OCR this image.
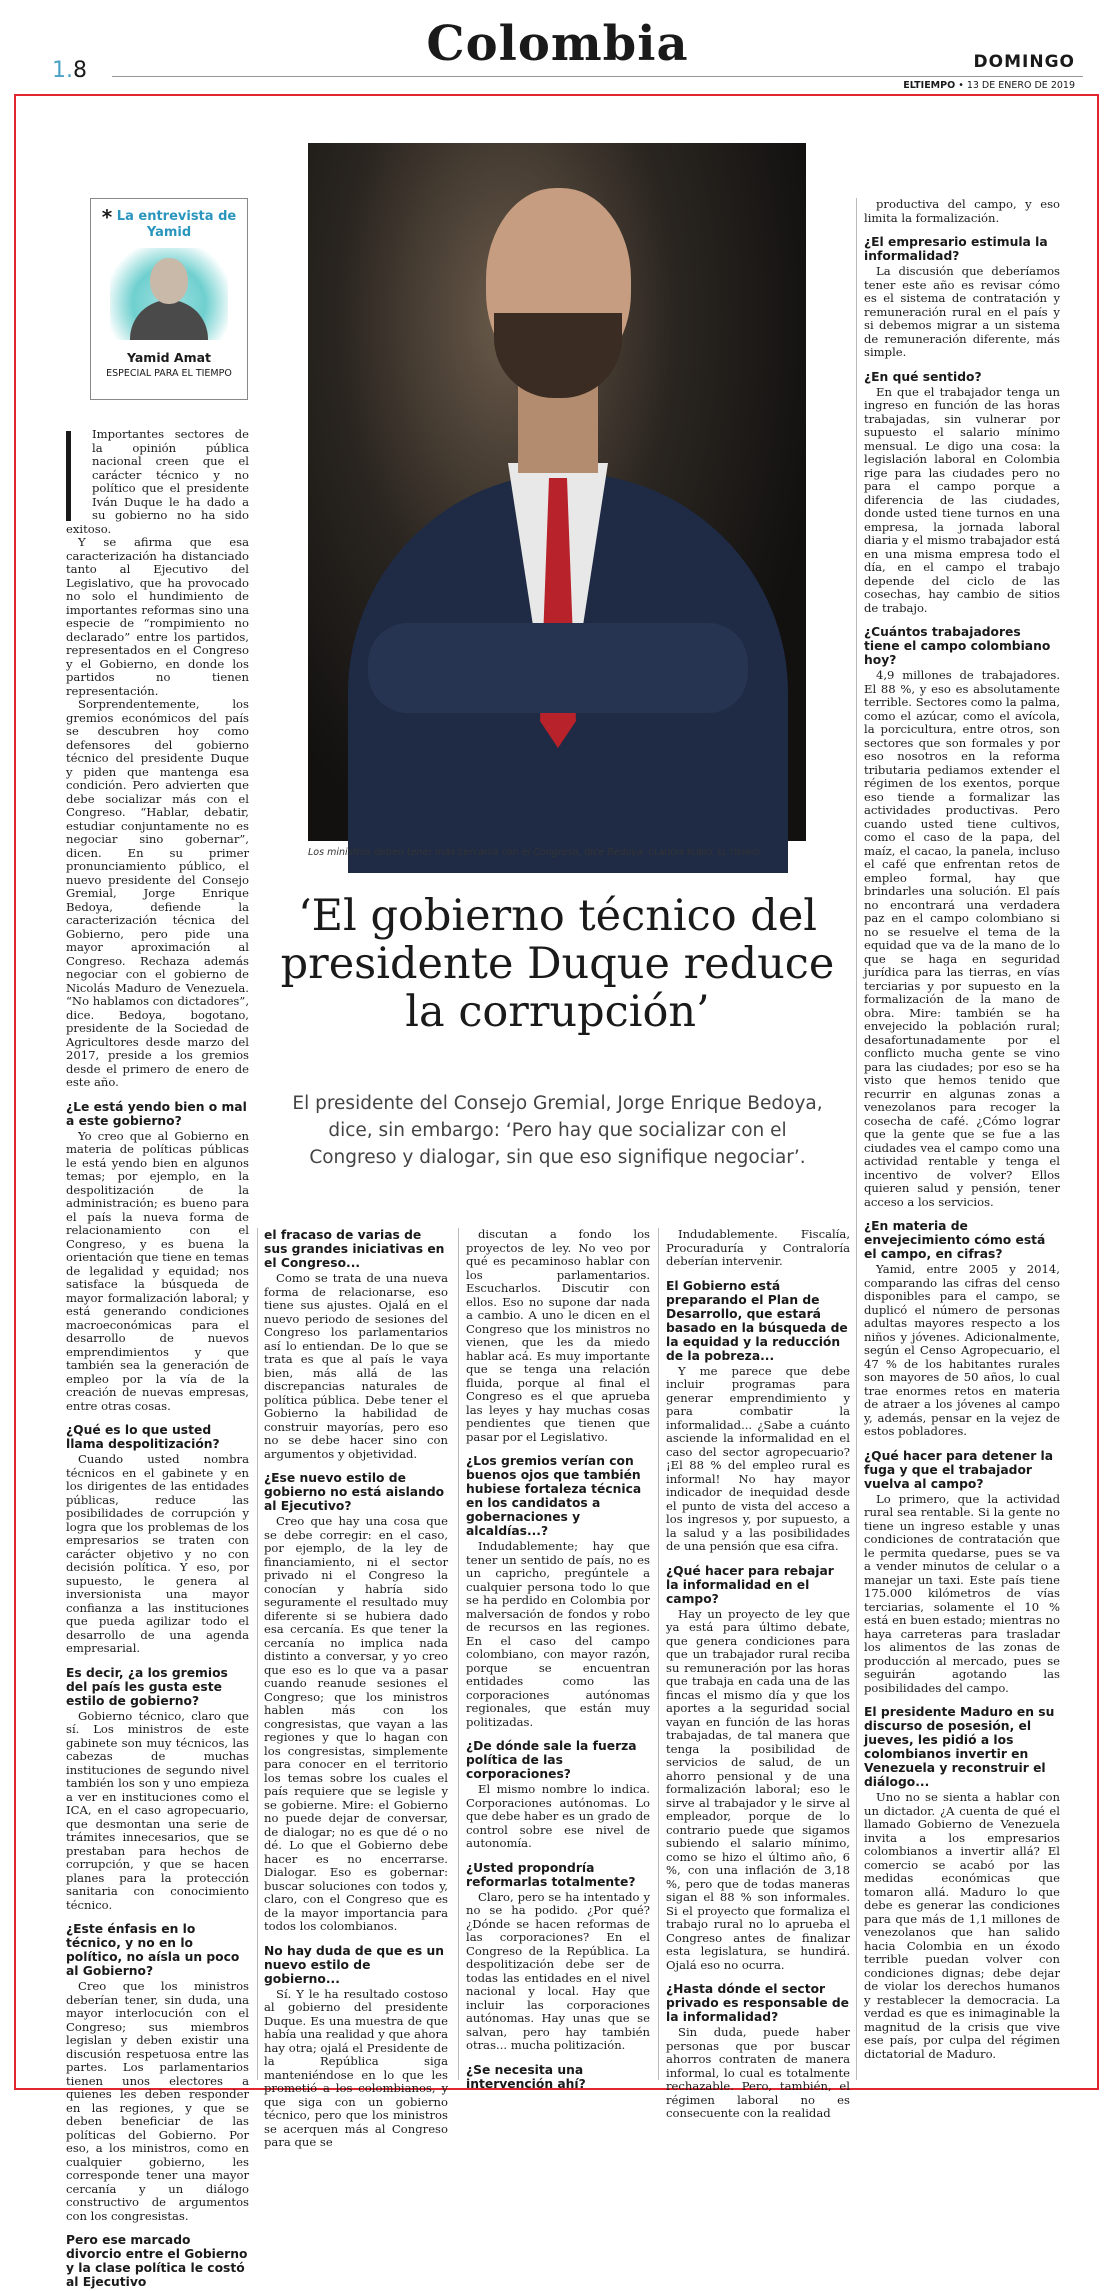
1.8	Colombia	DOMINGO
ELTIEMPO • 13 DE ENERO DE 2019
* La entrevista de Yamid
Yamid Amat
ESPECIAL PARA EL TIEMPO
Los ministros deben tener más cercanía con el Congreso, dice Bedoya. CLAUDIA RUBIO. EL TIEMPO
‘El gobierno técnico del presidente Duque reduce la corrupción’
El presidente del Consejo Gremial, Jorge Enrique Bedoya, dice, sin embargo: ‘Pero hay que socializar con el Congreso y dialogar, sin que eso signifique negociar’.

Importantes sectores de la opinión pública nacional creen que el carácter técnico y no político que el presidente Iván Duque le ha dado a su gobierno no ha sido exitoso.

Y se afirma que esa caracterización ha distanciado tanto al Ejecutivo del Legislativo, que ha provocado no solo el hundimiento de importantes reformas sino una especie de “rompimiento no declarado” entre los partidos, representados en el Congreso y el Gobierno, en donde los partidos no tienen representación.

Sorprendentemente, los gremios económicos del país se descubren hoy como defensores del gobierno técnico del presidente Duque y piden que mantenga esa condición. Pero advierten que debe socializar más con el Congreso. “Hablar, debatir, estudiar conjuntamente no es negociar sino gobernar”, dicen. En su primer pronunciamiento público, el nuevo presidente del Consejo Gremial, Jorge Enrique Bedoya, defiende la caracterización técnica del Gobierno, pero pide una mayor aproximación al Congreso. Rechaza además negociar con el gobierno de Nicolás Maduro de Venezuela. “No hablamos con dictadores”, dice. Bedoya, bogotano, presidente de la Sociedad de Agricultores desde marzo del 2017, preside a los gremios desde el primero de enero de este año.

¿Le está yendo bien o mal a este gobierno?

Yo creo que al Gobierno en materia de políticas públicas le está yendo bien en algunos temas; por ejemplo, en la despolitización de la administración; es bueno para el país la nueva forma de relacionamiento con el Congreso, y es buena la orientación que tiene en temas de legalidad y equidad; nos satisface la búsqueda de mayor formalización laboral; y está generando condiciones macroeconómicas para el desarrollo de nuevos emprendimientos y que también sea la generación de empleo por la vía de la creación de nuevas empresas, entre otras cosas.

¿Qué es lo que usted llama despolitización?

Cuando usted nombra técnicos en el gabinete y en los dirigentes de las entidades públicas, reduce las posibilidades de corrupción y logra que los problemas de los empresarios se traten con carácter objetivo y no con decisión política. Y eso, por supuesto, le genera al inversionista una mayor confianza a las instituciones que pueda agilizar todo el desarrollo de una agenda empresarial.

Es decir, ¿a los gremios del país les gusta este estilo de gobierno?

Gobierno técnico, claro que sí. Los ministros de este gabinete son muy técnicos, las cabezas de muchas instituciones de segundo nivel también los son y uno empieza a ver en instituciones como el ICA, en el caso agropecuario, que desmontan una serie de trámites innecesarios, que se prestaban para hechos de corrupción, y que se hacen planes para la protección sanitaria con conocimiento técnico.

¿Este énfasis en lo técnico, y no en lo político, no aísla un poco al Gobierno?

Creo que los ministros deberían tener, sin duda, una mayor interlocución con el Congreso; sus miembros legislan y deben existir una discusión respetuosa entre las partes. Los parlamentarios tienen unos electores a quienes les deben responder en las regiones, y que se deben beneficiar de las políticas del Gobierno. Por eso, a los ministros, como en cualquier gobierno, les corresponde tener una mayor cercanía y un diálogo constructivo de argumentos con los congresistas.

Pero ese marcado divorcio entre el Gobierno y la clase política le costó al Ejecutivo
el fracaso de varias de sus grandes iniciativas en el Congreso...

Como se trata de una nueva forma de relacionarse, eso tiene sus ajustes. Ojalá en el nuevo periodo de sesiones del Congreso los parlamentarios así lo entiendan. De lo que se trata es que al país le vaya bien, más allá de las discrepancias naturales de política pública. Debe tener el Gobierno la habilidad de construir mayorías, pero eso no se debe hacer sino con argumentos y objetividad.

¿Ese nuevo estilo de gobierno no está aislando al Ejecutivo?

Creo que hay una cosa que se debe corregir: en el caso, por ejemplo, de la ley de financiamiento, ni el sector privado ni el Congreso la conocían y habría sido seguramente el resultado muy diferente si se hubiera dado esa cercanía. Es que tener la cercanía no implica nada distinto a conversar, y yo creo que eso es lo que va a pasar cuando reanude sesiones el Congreso; que los ministros hablen más con los congresistas, que vayan a las regiones y que lo hagan con los congresistas, simplemente para conocer en el territorio los temas sobre los cuales el país requiere que se legisle y se gobierne. Mire: el Gobierno no puede dejar de conversar, de dialogar; no es que dé o no dé. Lo que el Gobierno debe hacer es no encerrarse. Dialogar. Eso es gobernar: buscar soluciones con todos y, claro, con el Congreso que es de la mayor importancia para todos los colombianos.

No hay duda de que es un nuevo estilo de gobierno...

Sí. Y le ha resultado costoso al gobierno del presidente Duque. Es una muestra de que había una realidad y que ahora hay otra; ojalá el Presidente de la República siga manteniéndose en lo que les prometió a los colombianos, y que siga con un gobierno técnico, pero que los ministros se acerquen más al Congreso para que se

discutan a fondo los proyectos de ley. No veo por qué es pecaminoso hablar con los parlamentarios. Escucharlos. Discutir con ellos. Eso no supone dar nada a cambio. A uno le dicen en el Congreso que los ministros no vienen, que les da miedo hablar acá. Es muy importante que se tenga una relación fluida, porque al final el Congreso es el que aprueba las leyes y hay muchas cosas pendientes que tienen que pasar por el Legislativo.

¿Los gremios verían con buenos ojos que también hubiese fortaleza técnica en los candidatos a gobernaciones y alcaldías...?

Indudablemente; hay que tener un sentido de país, no es un capricho, pregúntele a cualquier persona todo lo que se ha perdido en Colombia por malversación de fondos y robo de recursos en las regiones. En el caso del campo colombiano, con mayor razón, porque se encuentran entidades como las corporaciones autónomas regionales, que están muy politizadas.

¿De dónde sale la fuerza política de las corporaciones?

El mismo nombre lo indica. Corporaciones autónomas. Lo que debe haber es un grado de control sobre ese nivel de autonomía.

¿Usted propondría reformarlas totalmente?

Claro, pero se ha intentado y no se ha podido. ¿Por qué? ¿Dónde se hacen reformas de las corporaciones? En el Congreso de la República. La despolitización debe ser de todas las entidades en el nivel nacional y local. Hay que incluir las corporaciones autónomas. Hay unas que se salvan, pero hay también otras... mucha politización.

¿Se necesita una intervención ahí?

Indudablemente. Fiscalía, Procuraduría y Contraloría deberían intervenir.

El Gobierno está preparando el Plan de Desarrollo, que estará basado en la búsqueda de la equidad y la reducción de la pobreza...

Y me parece que debe incluir programas para generar emprendimiento y para combatir la informalidad... ¿Sabe a cuánto asciende la informalidad en el caso del sector agropecuario? ¡El 88 % del empleo rural es informal! No hay mayor indicador de inequidad desde el punto de vista del acceso a los ingresos y, por supuesto, a la salud y a las posibilidades de una pensión que esa cifra.

¿Qué hacer para rebajar la informalidad en el campo?

Hay un proyecto de ley que ya está para último debate, que genera condiciones para que un trabajador rural reciba su remuneración por las horas que trabaja en cada una de las fincas el mismo día y que los aportes a la seguridad social vayan en función de las horas trabajadas, de tal manera que tenga la posibilidad de servicios de salud, de un ahorro pensional y de una formalización laboral; eso le sirve al trabajador y le sirve al empleador, porque de lo contrario puede que sigamos subiendo el salario mínimo, como se hizo el último año, 6 %, con una inflación de 3,18 %, pero que de todas maneras sigan el 88 % son informales. Si el proyecto que formaliza el trabajo rural no lo aprueba el Congreso antes de finalizar esta legislatura, se hundirá. Ojalá eso no ocurra.

¿Hasta dónde el sector privado es responsable de la informalidad?

Sin duda, puede haber personas que por buscar ahorros contraten de manera informal, lo cual es totalmente rechazable. Pero, también, el régimen laboral no es consecuente con la realidad

productiva del campo, y eso limita la formalización.

¿El empresario estimula la informalidad?

La discusión que deberíamos tener este año es revisar cómo es el sistema de contratación y remuneración rural en el país y si debemos migrar a un sistema de remuneración diferente, más simple.

¿En qué sentido?

En que el trabajador tenga un ingreso en función de las horas trabajadas, sin vulnerar por supuesto el salario mínimo mensual. Le digo una cosa: la legislación laboral en Colombia rige para las ciudades pero no para el campo porque a diferencia de las ciudades, donde usted tiene turnos en una empresa, la jornada laboral diaria y el mismo trabajador está en una misma empresa todo el día, en el campo el trabajo depende del ciclo de las cosechas, hay cambio de sitios de trabajo.

¿Cuántos trabajadores tiene el campo colombiano hoy?

4,9 millones de trabajadores. El 88 %, y eso es absolutamente terrible. Sectores como la palma, como el azúcar, como el avícola, la porcicultura, entre otros, son sectores que son formales y por eso nosotros en la reforma tributaria pediamos extender el régimen de los exentos, porque eso tiende a formalizar las actividades productivas. Pero cuando usted tiene cultivos, como el caso de la papa, del maíz, el cacao, la panela, incluso el café que enfrentan retos de empleo formal, hay que brindarles una solución. El país no encontrará una verdadera paz en el campo colombiano si no se resuelve el tema de la equidad que va de la mano de lo que se haga en seguridad jurídica para las tierras, en vías terciarias y por supuesto en la formalización de la mano de obra. Mire: también se ha envejecido la población rural; desafortunadamente por el conflicto mucha gente se vino para las ciudades; por eso se ha visto que hemos tenido que recurrir en algunas zonas a venezolanos para recoger la cosecha de café. ¿Cómo lograr que la gente que se fue a las ciudades vea el campo como una actividad rentable y tenga el incentivo de volver? Ellos quieren salud y pensión, tener acceso a los servicios.

¿En materia de envejecimiento cómo está el campo, en cifras?

Yamid, entre 2005 y 2014, comparando las cifras del censo disponibles para el campo, se duplicó el número de personas adultas mayores respecto a los niños y jóvenes. Adicionalmente, según el Censo Agropecuario, el 47 % de los habitantes rurales son mayores de 50 años, lo cual trae enormes retos en materia de atraer a los jóvenes al campo y, además, pensar en la vejez de estos pobladores.

¿Qué hacer para detener la fuga y que el trabajador vuelva al campo?

Lo primero, que la actividad rural sea rentable. Si la gente no tiene un ingreso estable y unas condiciones de contratación que le permita quedarse, pues se va a vender minutos de celular o a manejar un taxi. Este país tiene 175.000 kilómetros de vías terciarias, solamente el 10 % está en buen estado; mientras no haya carreteras para trasladar los alimentos de las zonas de producción al mercado, pues se seguirán agotando las posibilidades del campo.

El presidente Maduro en su discurso de posesión, el jueves, les pidió a los colombianos invertir en Venezuela y reconstruir el diálogo...

Uno no se sienta a hablar con un dictador. ¿A cuenta de qué el llamado Gobierno de Venezuela invita a los empresarios colombianos a invertir allá? El comercio se acabó por las medidas económicas que tomaron allá. Maduro lo que debe es generar las condiciones para que más de 1,1 millones de venezolanos que han salido hacia Colombia en un éxodo terrible puedan volver con condiciones dignas; debe dejar de violar los derechos humanos y restablecer la democracia. La verdad es que es inimaginable la magnitud de la crisis que vive ese país, por culpa del régimen dictatorial de Maduro.
